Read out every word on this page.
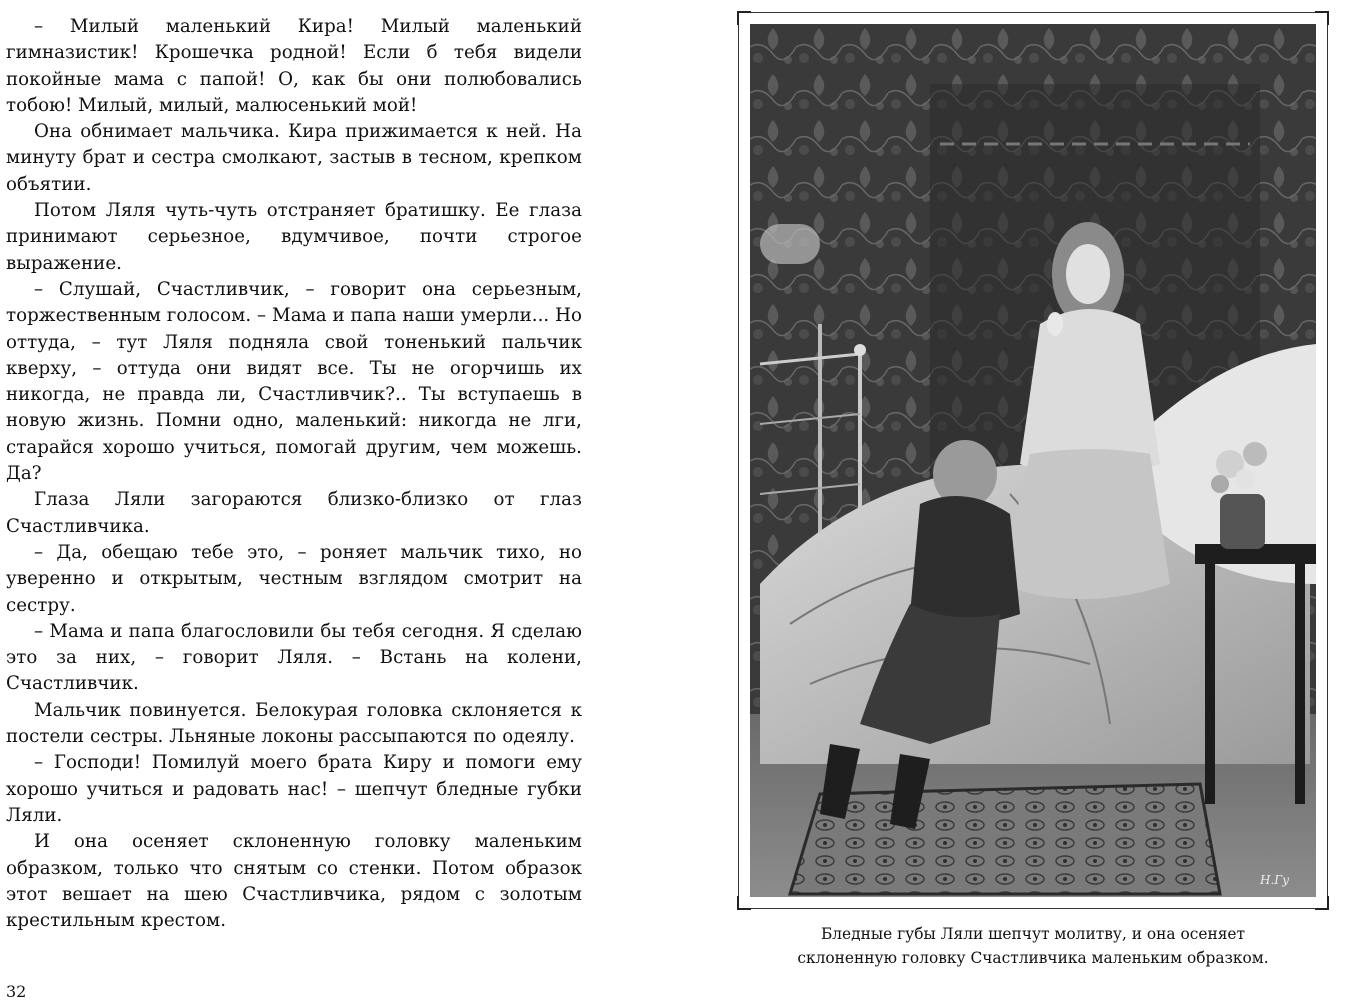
– Милый маленький Кира! Милый маленький гимназистик! Крошечка родной! Если б тебя видели покойные мама с папой! О, как бы они полюбовались тобою! Милый, милый, малюсенький мой!

Она обнимает мальчика. Кира прижимается к ней. На минуту брат и сестра смолкают, застыв в тесном, крепком объятии.

Потом Ляля чуть-чуть отстраняет братишку. Ее глаза принимают серьезное, вдумчивое, почти строгое выражение.

– Слушай, Счастливчик, – говорит она серьезным, торжественным голосом. – Мама и папа наши умерли... Но оттуда, – тут Ляля подняла свой тоненький пальчик кверху, – оттуда они видят все. Ты не огорчишь их никогда, не правда ли, Счастливчик?.. Ты вступаешь в новую жизнь. Помни одно, маленький: никогда не лги, старайся хорошо учиться, помогай другим, чем можешь. Да?

Глаза Ляли загораются близко-близко от глаз Счастливчика.

– Да, обещаю тебе это, – роняет мальчик тихо, но уверенно и открытым, честным взглядом смотрит на сестру.

– Мама и папа благословили бы тебя сегодня. Я сделаю это за них, – говорит Ляля. – Встань на колени, Счастливчик.

Мальчик повинуется. Белокурая головка склоняется к постели сестры. Льняные локоны рассыпаются по одеялу.

– Господи! Помилуй моего брата Киру и помоги ему хорошо учиться и радовать нас! – шепчут бледные губки Ляли.

И она осеняет склоненную головку маленьким образком, только что снятым со стенки. Потом образок этот вешает на шею Счастливчика, рядом с золотым крестильным крестом.

32
Н.Гу
Бледные губы Ляли шепчут молитву, и она осеняет
склоненную головку Счастливчика маленьким образком.
